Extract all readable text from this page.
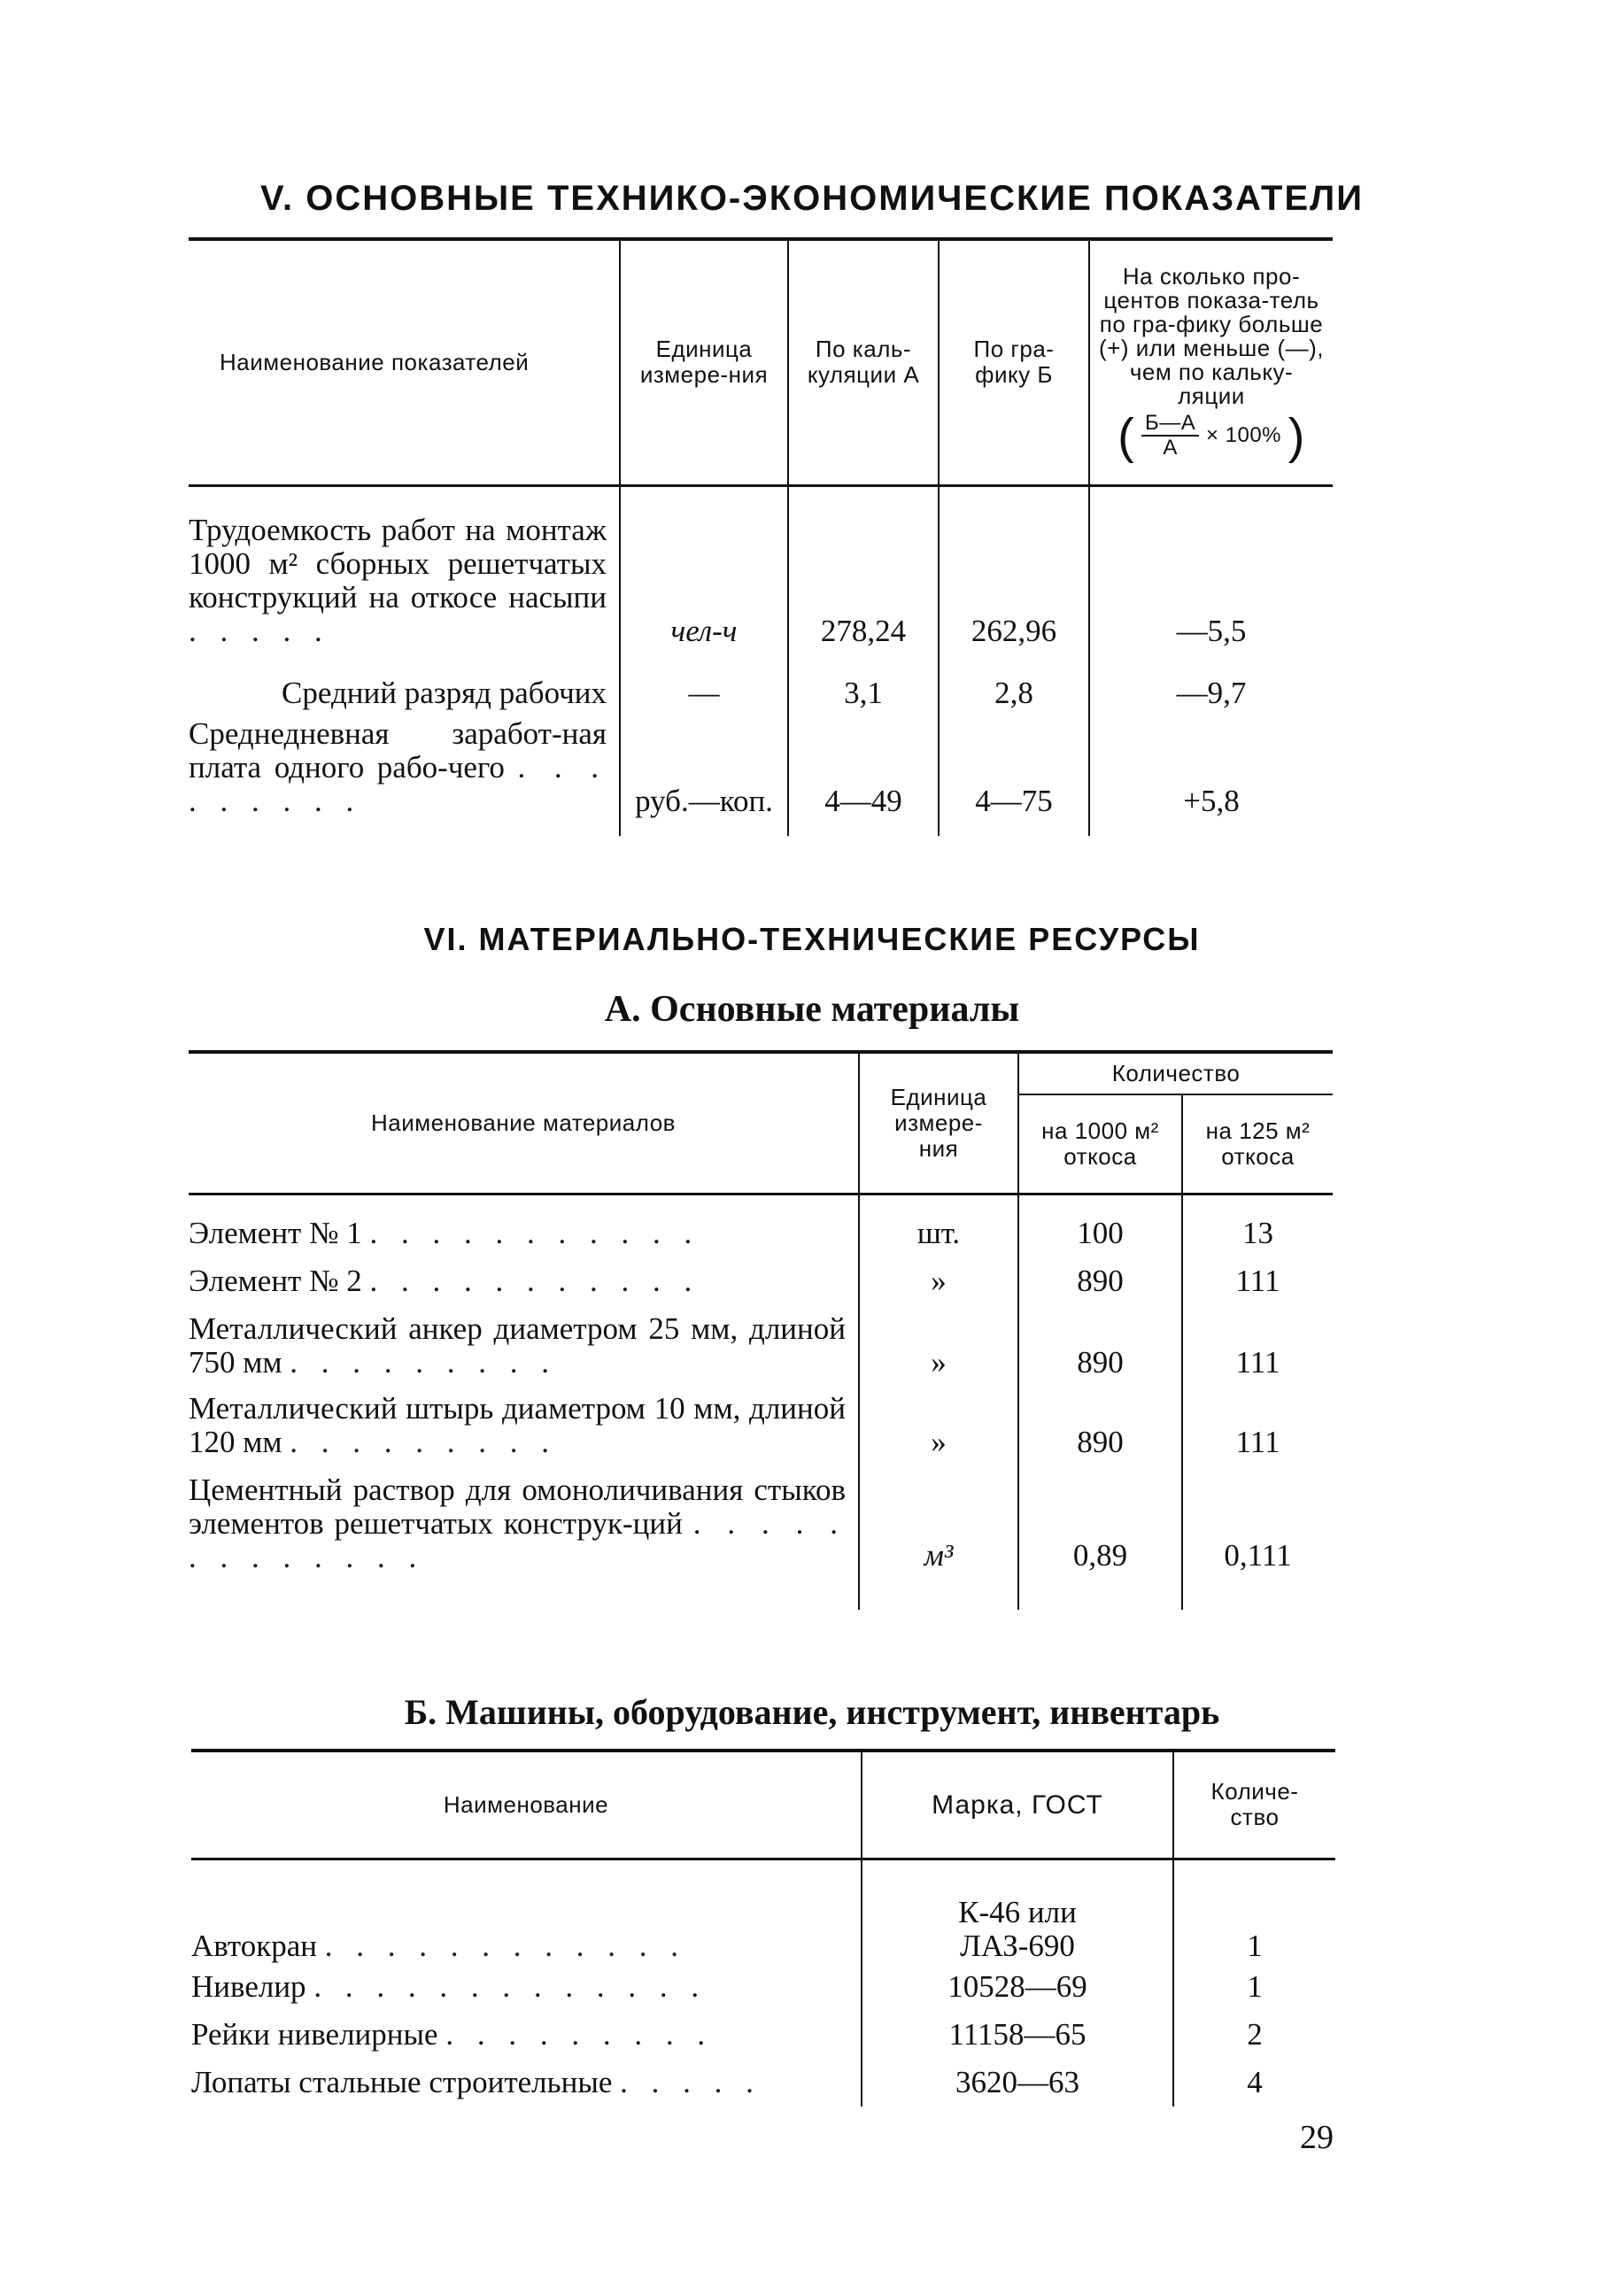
V. ОСНОВНЫЕ ТЕХНИКО-ЭКОНОМИЧЕСКИЕ ПОКАЗАТЕЛИ
Наименование показателей	Единица измере-ния	По каль-куляции А	По гра-фику Б	На сколько про-центов показа-тель по гра-фику больше (+) или меньше (—), чем по кальку-ляции
( $\frac{Б—А}{А} \times 100\%$ )

Трудоемкость работ на монтаж 1000 м² сборных решетчатых конструкций на откосе насыпи . . . . .	чел-ч	278,24	262,96	—5,5
Средний разряд рабочих	—	3,1	2,8	—9,7
Среднедневная заработ-ная плата одного рабо-чего . . . . . . . . .	руб.—коп.	4—49	4—75	+5,8
VI. МАТЕРИАЛЬНО-ТЕХНИЧЕСКИЕ РЕСУРСЫ
А. Основные материалы
Наименование материалов	Единица измере-ния	Количество	
		на 1000 м² откоса	на 125 м² откоса

Элемент № 1 . . . . . . . . . . .	шт.	100	13
Элемент № 2 . . . . . . . . . . .	»	890	111
Металлический анкер диаметром 25 мм, длиной 750 мм . . . . . . . . .	»	890	111
Металлический штырь диаметром 10 мм, длиной 120 мм . . . . . . . . .	»	890	111
Цементный раствор для омоноличивания стыков элементов решетчатых конструк-ций . . . . . . . . . . . . .	м³	0,89	0,111
Б. Машины, оборудование, инструмент, инвентарь
Наименование	Марка, ГОСТ	Количе-ство
Автокран . . . . . . . . . . . .	К-46 или ЛАЗ-690	1
Нивелир . . . . . . . . . . . . .	10528—69	1
Рейки нивелирные . . . . . . . . .	11158—65	2
Лопаты стальные строительные . . . . .	3620—63	4
29
